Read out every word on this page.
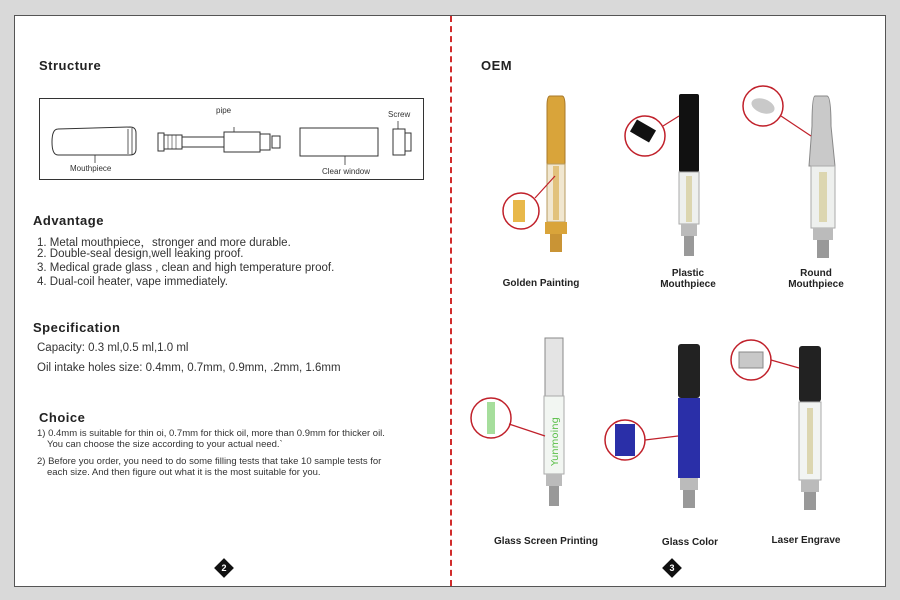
Structure
pipe	Screw
Mouthpiece	Clear window
Advantage
1. Metal mouthpiece，stronger and more durable.
2. Double-seal design,well leaking proof.
3. Medical grade glass , clean and high temperature proof.
4. Dual-coil heater, vape immediately.
Specification
Capacity: 0.3 ml,0.5 ml,1.0 ml
Oil intake holes size: 0.4mm, 0.7mm, 0.9mm, .2mm, 1.6mm
Choice
1) 0.4mm is suitable for thin oi, 0.7mm for thick oil, more than 0.9mm for thicker oil.
You can choose the size according to your actual need.`
2) Before you order, you need to do some filling tests that take 10 sample tests for
each size. And then figure out what it is the most suitable for you.
2
OEM
Yunmoing
Golden Painting
Plastic
Mouthpiece
Round
Mouthpiece
Glass Screen Printing	Glass Color	Laser Engrave
3
